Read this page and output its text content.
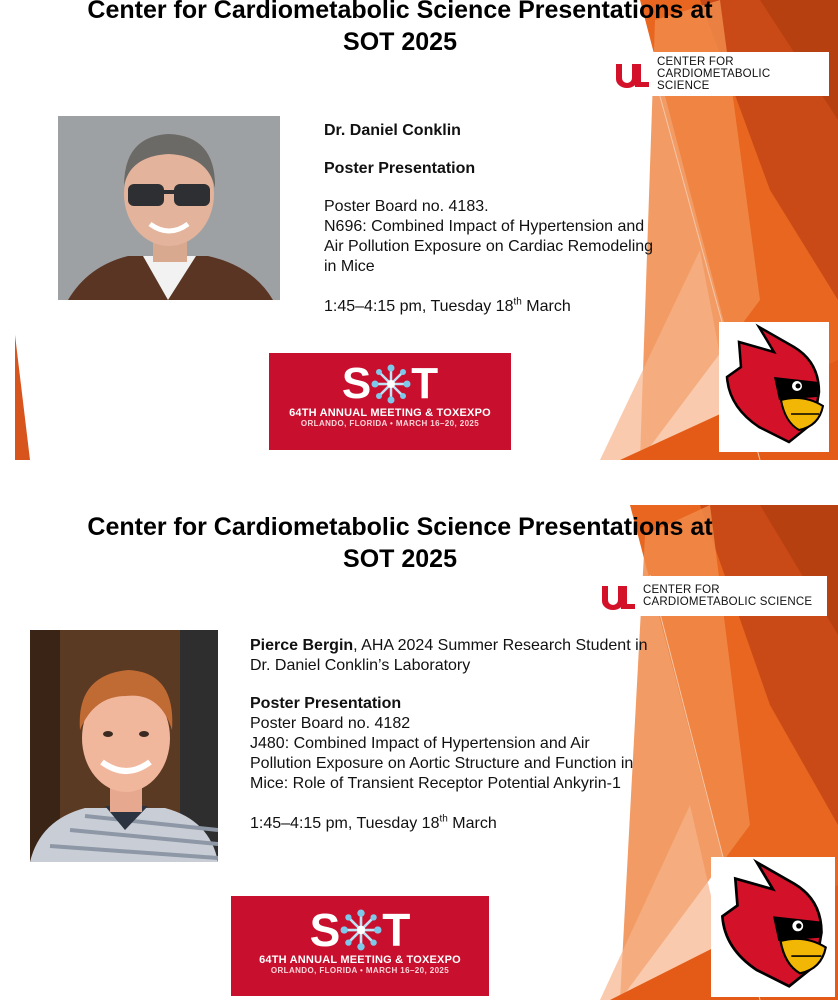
Center for Cardiometabolic Science Presentations at
SOT 2025
CENTER FOR
CARDIOMETABOLIC SCIENCE
Dr. Daniel Conklin
Poster Presentation
Poster Board no. 4183.
N696: Combined Impact of Hypertension and Air Pollution Exposure on Cardiac Remodeling in Mice
1:45–4:15 pm, Tuesday 18th March
S T
64TH ANNUAL MEETING & TOXEXPO
ORLANDO, FLORIDA • MARCH 16–20, 2025
Center for Cardiometabolic Science Presentations at
SOT 2025
CENTER FOR
CARDIOMETABOLIC SCIENCE
Pierce Bergin, AHA 2024 Summer Research Student in Dr. Daniel Conklin’s Laboratory
Poster Presentation
Poster Board no. 4182
J480: Combined Impact of Hypertension and Air Pollution Exposure on Aortic Structure and Function in Mice: Role of Transient Receptor Potential Ankyrin-1
1:45–4:15 pm, Tuesday 18th March
S T
64TH ANNUAL MEETING & TOXEXPO
ORLANDO, FLORIDA • MARCH 16–20, 2025
